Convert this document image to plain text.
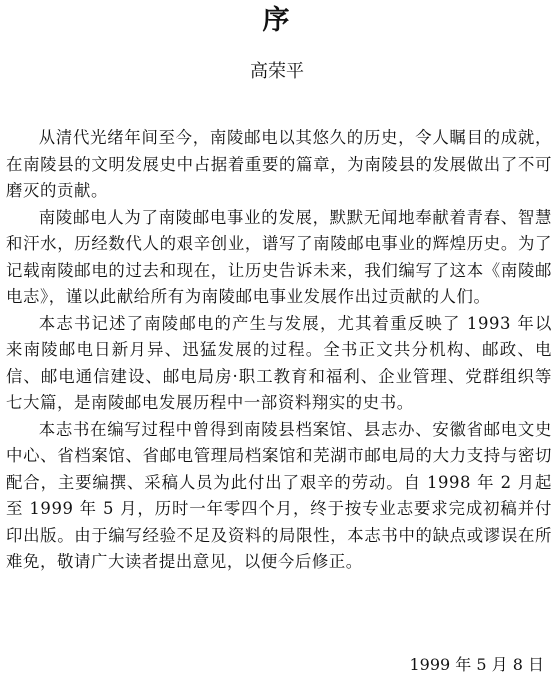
序
高荣平

从清代光绪年间至今，南陵邮电以其悠久的历史，令人瞩目的成就，在南陵县的文明发展史中占据着重要的篇章，为南陵县的发展做出了不可磨灭的贡献。

南陵邮电人为了南陵邮电事业的发展，默默无闻地奉献着青春、智慧和汗水，历经数代人的艰辛创业，谱写了南陵邮电事业的辉煌历史。为了记载南陵邮电的过去和现在，让历史告诉未来，我们编写了这本《南陵邮电志》，谨以此献给所有为南陵邮电事业发展作出过贡献的人们。

本志书记述了南陵邮电的产生与发展，尤其着重反映了 1993 年以来南陵邮电日新月异、迅猛发展的过程。全书正文共分机构、邮政、电信、邮电通信建设、邮电局房·职工教育和福利、企业管理、党群组织等七大篇，是南陵邮电发展历程中一部资料翔实的史书。

本志书在编写过程中曾得到南陵县档案馆、县志办、安徽省邮电文史中心、省档案馆、省邮电管理局档案馆和芜湖市邮电局的大力支持与密切配合，主要编撰、采稿人员为此付出了艰辛的劳动。自 1998 年 2 月起至 1999 年 5 月，历时一年零四个月，终于按专业志要求完成初稿并付印出版。由于编写经验不足及资料的局限性，本志书中的缺点或谬误在所难免，敬请广大读者提出意见，以便今后修正。

1999 年 5 月 8 日
